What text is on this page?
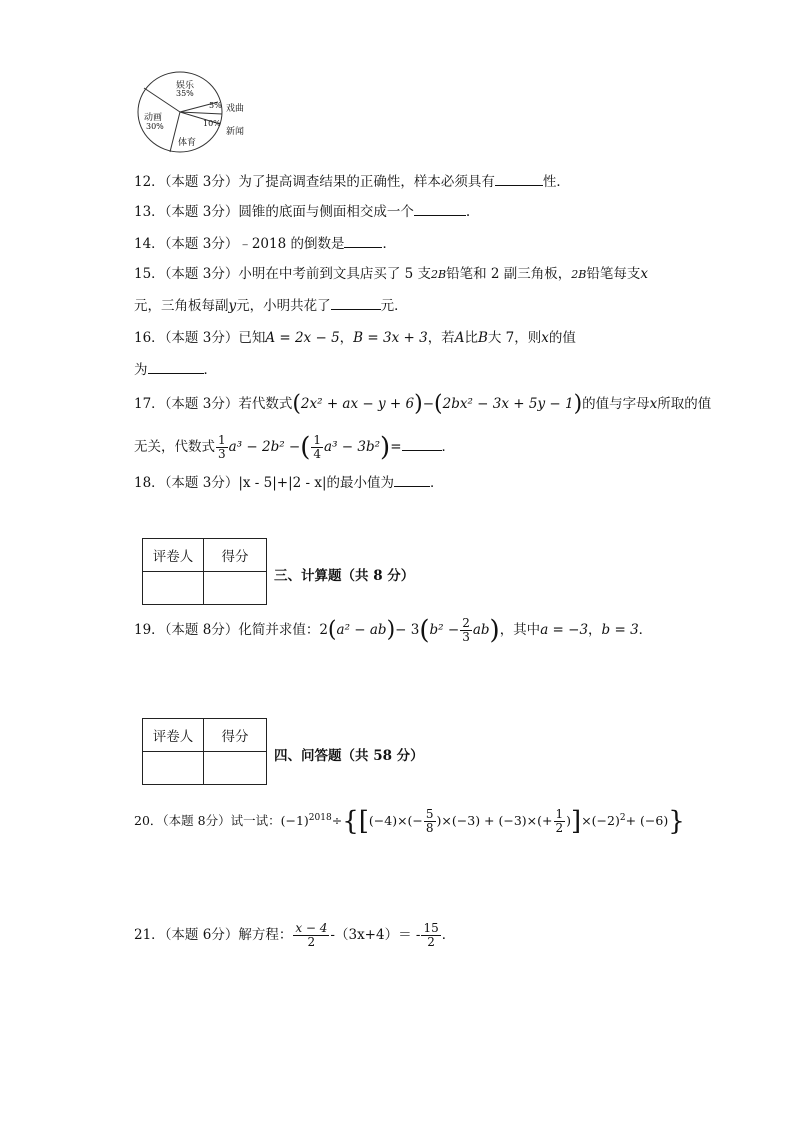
娱乐
35%
5% 戏曲
10%
新闻
体育
动画
30%
12．（本题 3分）为了提高调查结果的正确性，样本必须具有	性．
13．（本题 3分）圆锥的底面与侧面相交成一个	.
14．（本题 3分）﹣2018 的倒数是	．
15．（本题 3分）小明在中考前到文具店买了 5 支2B铅笔和 2 副三角板，2B铅笔每支x
元，三角板每副y元，小明共花了	元．
16．（本题 3分）已知A = 2x − 5，B = 3x + 3，若A比B大 7，则x的值
为	．
17．（本题 3分）若代数式(2x² + ax − y + 6)−(2bx² − 3x + 5y − 1)的值与字母x所取的值
无关，代数式 $\frac{1}{3} a^3 - 2b^2$ −( $\frac{1}{4} a^3 - 3b^2)=$	．
18．（本题 3分）|x - 5|+|2 - x|的最小值为	．
评卷人	得分

三、计算题（共 8 分）
19．（本题 8分）化简并求值：$2(a^2 - ab)- 3(b^2 - \frac{2}{3} ab)$，其中a = −3，b = 3．
评卷人	得分

四、问答题（共 58 分）
20．（本题 8分）试一试：$(-1)^{2018}\div\{[(-4)\times(- \frac{5}{8} )\times(-3) + (-3)\times(+ \frac{1}{2} )]\times(-2)^2+ (-6)\}$
21．（本题 6分）解方程： $\frac{x - 4}{2} -(3x+4)= - \frac{15}{2}$ ．
